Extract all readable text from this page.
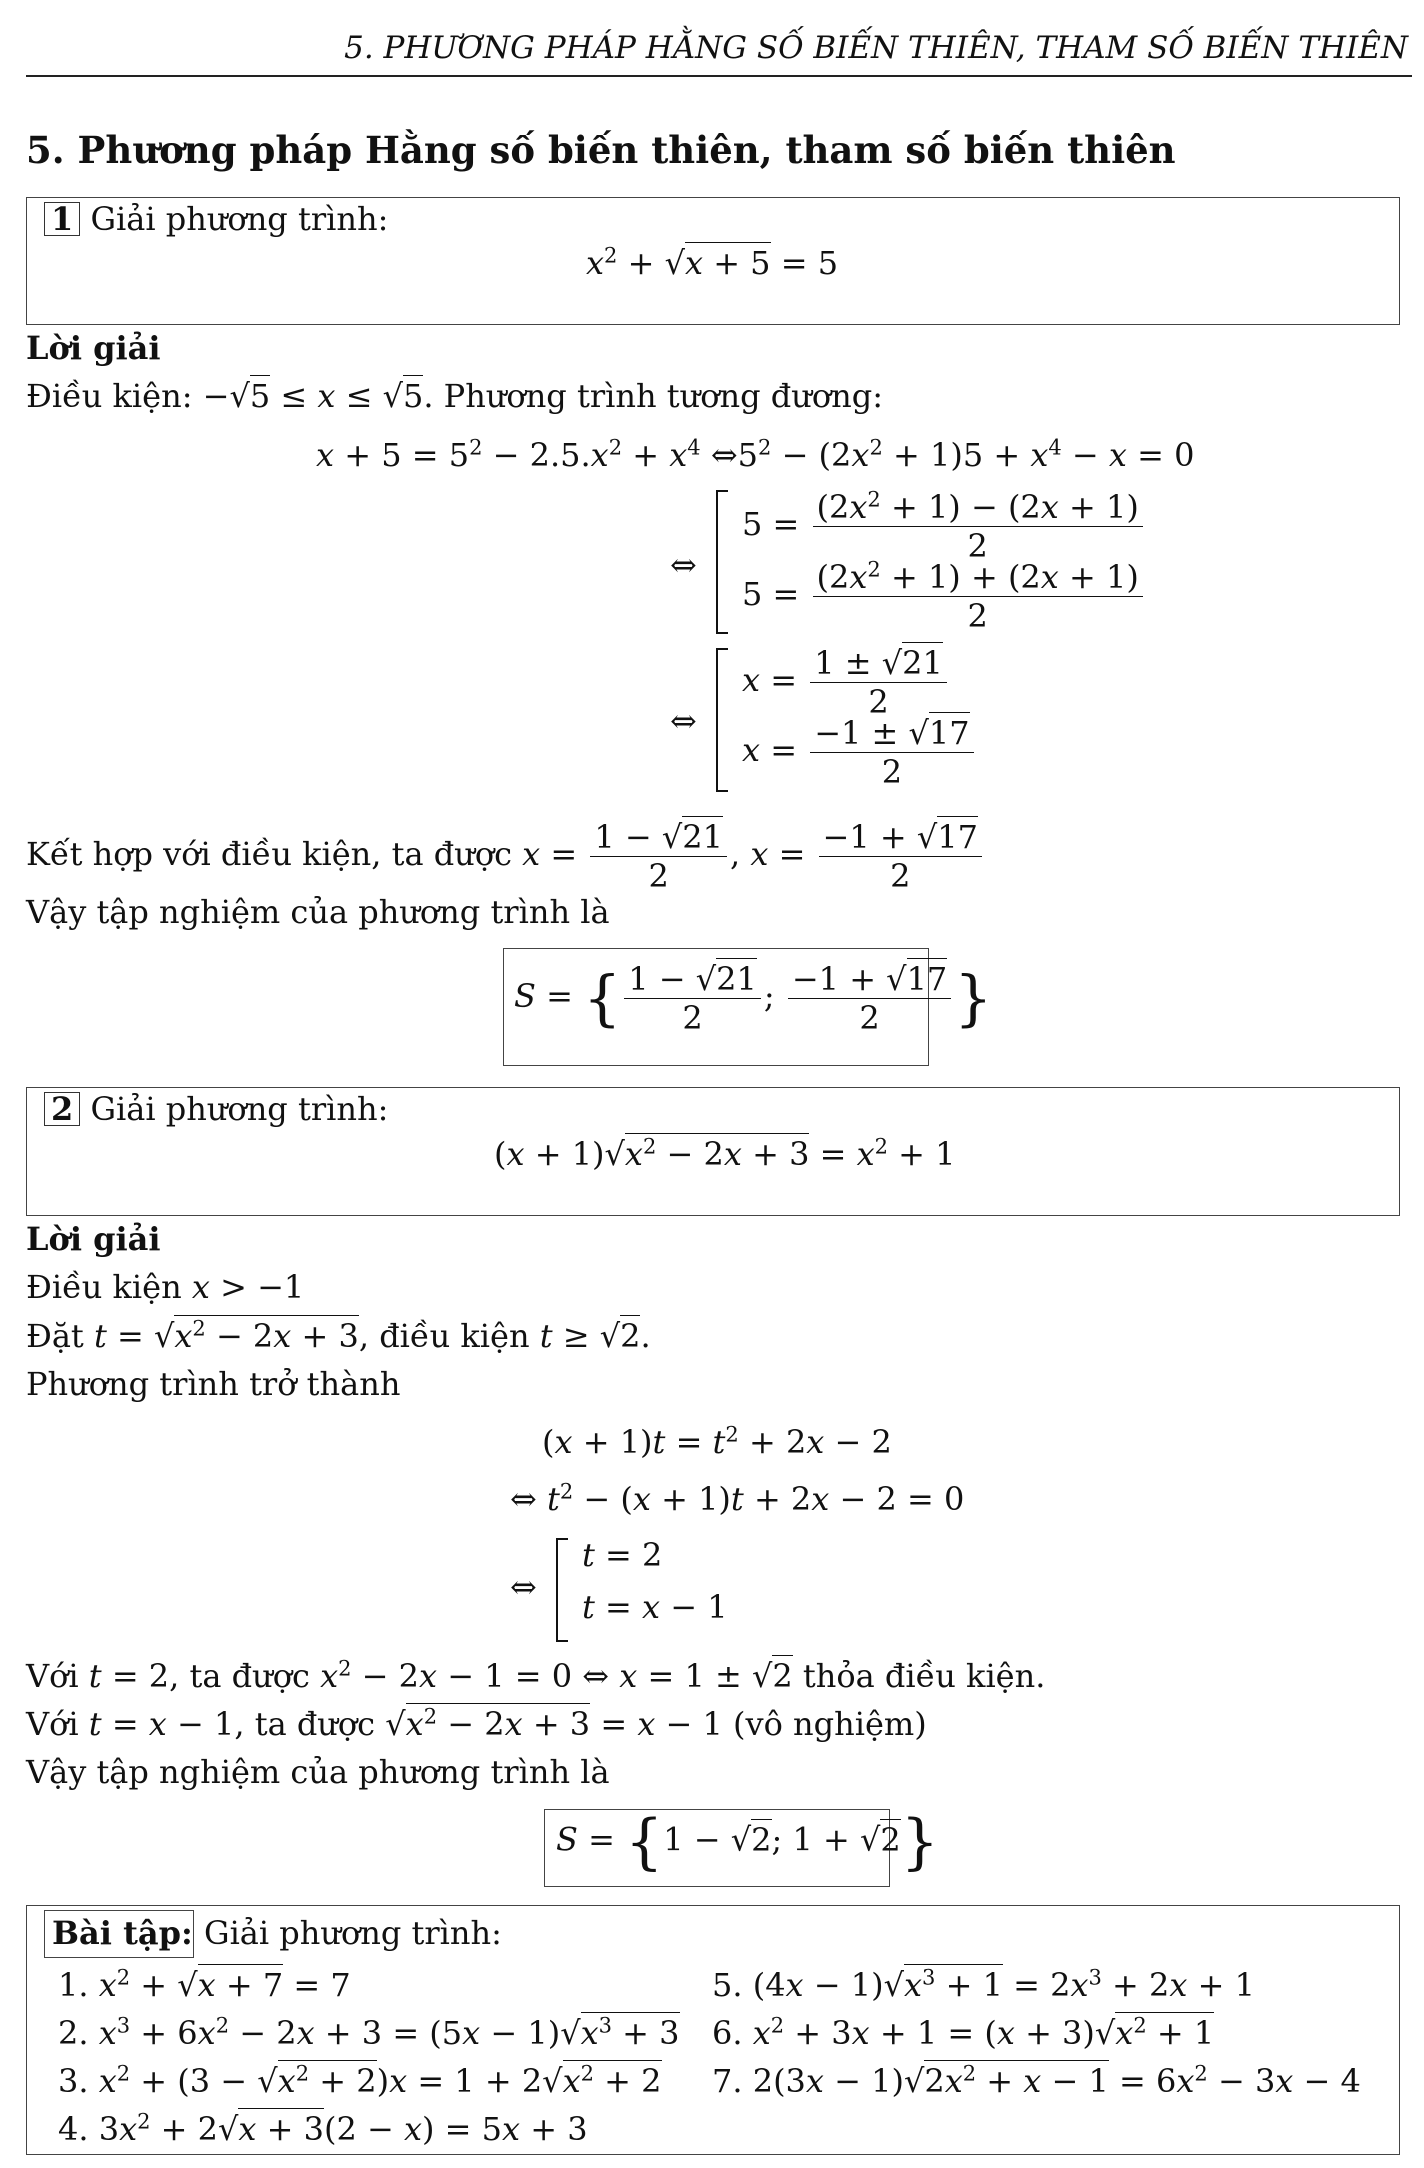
5. PHƯƠNG PHÁP HẰNG SỐ BIẾN THIÊN, THAM SỐ BIẾN THIÊN
5. Phương pháp Hằng số biến thiên, tham số biến thiên
1 Giải phương trình:
$x^2 + √x + 5 = 5$
Lời giải
Điều kiện: −√5 ≤ x ≤ √5. Phương trình tương đương:
$x + 5 = 5^2 - 2.5.x^2 + x^4$ $\Leftrightarrow 5^2 - (2x^2 + 1)5 + x^4 - x = 0$
⇔
$5 = \frac{(2x^2 + 1) - (2x + 1)}{2}$
$5 = \frac{(2x^2 + 1) + (2x + 1)}{2}$
⇔
$x = \frac{1 \pm √21}{2}$
$x = \frac{-1 \pm √17}{2}$
Kết hợp với điều kiện, ta được $x = \frac{1 - √21}{2}$ , $x = \frac{-1 + √17}{2}$
Vậy tập nghiệm của phương trình là
S = { $\frac{1 - √21}{2}$ ; $\frac{-1 + √17}{2}$ }
2 Giải phương trình:
$(x + 1)√x^2 - 2x + 3 = x^2 + 1$
Lời giải
Điều kiện x > −1
Đặt $t = √x^2 - 2x + 3$, điều kiện t ≥ √2.
Phương trình trở thành
$(x + 1)t = t^2 + 2x - 2$
⇔ $t^2 - (x + 1)t + 2x - 2 = 0$
⇔
t = 2
t = x − 1
Với t = 2, ta được $x^2 - 2x - 1 = 0$ ⇔ x = 1 ± √2 thỏa điều kiện.
Với t = x − 1, ta được $√x^2 - 2x + 3 = x - 1$ (vô nghiệm)
Vậy tập nghiệm của phương trình là
S = {1 − √2; 1 + √2}
Bài tập: Giải phương trình:
1. $x^2 + √x + 7 = 7$
2. $x^3 + 6x^2 - 2x + 3 = (5x - 1)√x^3 + 3$
3. $x^2 + (3 - √x^2 + 2)x = 1 + 2√x^2 + 2$
4. $3x^2 + 2√x + 3(2 - x) = 5x + 3$
5. $(4x - 1)√x^3 + 1 = 2x^3 + 2x + 1$
6. $x^2 + 3x + 1 = (x + 3)√x^2 + 1$
7. $2(3x - 1)√2x^2 + x - 1 = 6x^2 - 3x - 4$
